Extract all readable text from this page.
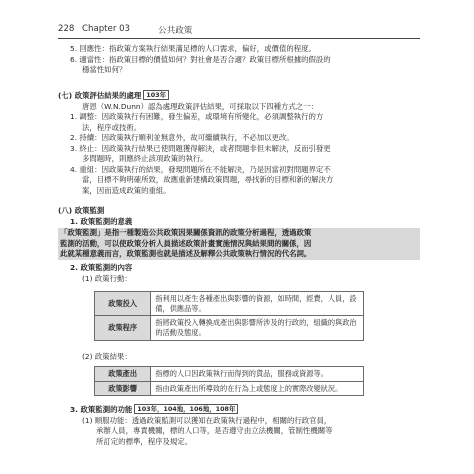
228 Chapter 03	公共政策
5. 回應性：指政策方案執行結果滿足標的人口需求，偏好，或價值的程度。
6. 適當性：指政策目標的價值如何？對社會是否合適？政策目標所根據的假設的
穩當性如何？
(七) 政策評估結果的處理 103年
唐恩（W.N.Dunn）認為處理政策評估結果，可採取以下四種方式之一：
1. 調整：因政策執行有困難，發生偏差，或環境有所變化，必須調整執行的方
法，程序或技術。
2. 持續：因政策執行順利並無意外，故可繼續執行，不必加以更改。
3. 終止：因政策執行結果已使問題獲得解決，或者問題非但未解決，反而引發更
多問題時，則應終止該項政策的執行。
4. 重組：因政策執行的結果，發現問題所在不能解決，乃是因當初對問題界定不
當，目標不夠明確所致，故應重新建構政策問題，尋找新的目標和新的解決方
案，因而造成政策的重組。
(八) 政策監測
1. 政策監測的意義
「政策監測」是指一種製造公共政策因果關係資訊的政策分析過程，透過政策
監測的活動，可以使政策分析人員描述政策計畫實施情況與結果間的關係，因
此就某種意義而言，政策監測也就是描述及解釋公共政策執行情況的代名詞。
2. 政策監測的內容
(1) 政策行動：
政策投入	指利用以產生各種產出與影響的資源，如時間，經費，人員，設備，供應品等。
政策程序	指將政策投入轉換成產出與影響所涉及的行政的，組織的與政治的活動及態度。
(2) 政策結果：
政策產出	指標的人口因政策執行而得到的貨品，服務或資源等。
政策影響	指由政策產出所導致的在行為上或態度上的實際改變狀況。
3. 政策監測的功能 103年，104地，106地，108年
(1) 順服功能：透過政策監測可以獲知在政策執行過程中，相關的行政官員，
承辦人員，專責機關，標的人口等，是否遵守由立法機關，管制性機關等
所訂定的標準，程序及規定。
